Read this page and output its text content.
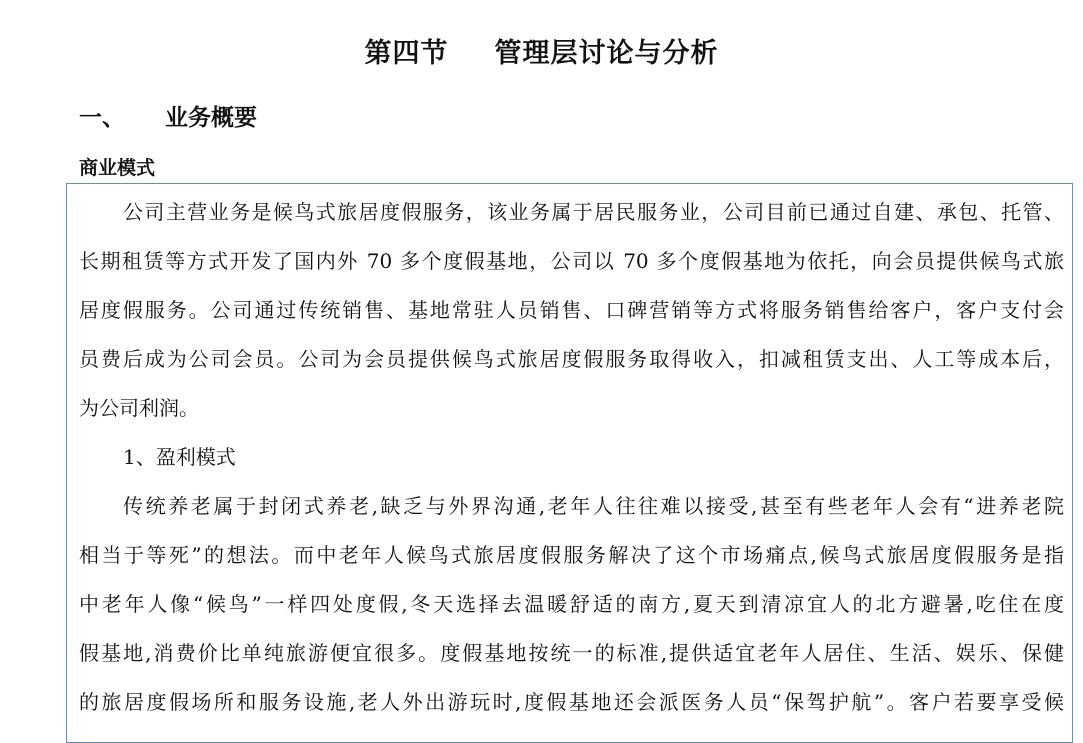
第四节 管理层讨论与分析
一、 业务概要
商业模式
公司主营业务是候鸟式旅居度假服务，该业务属于居民服务业，公司目前已通过自建、承包、托管、
长期租赁等方式开发了国内外 70 多个度假基地，公司以 70 多个度假基地为依托，向会员提供候鸟式旅
居度假服务。公司通过传统销售、基地常驻人员销售、口碑营销等方式将服务销售给客户，客户支付会
员费后成为公司会员。公司为会员提供候鸟式旅居度假服务取得收入，扣减租赁支出、人工等成本后，
为公司利润。
1、盈利模式
传统养老属于封闭式养老,缺乏与外界沟通,老年人往往难以接受,甚至有些老年人会有“进养老院
相当于等死”的想法。而中老年人候鸟式旅居度假服务解决了这个市场痛点,候鸟式旅居度假服务是指
中老年人像“候鸟”一样四处度假,冬天选择去温暖舒适的南方,夏天到清凉宜人的北方避暑,吃住在度
假基地,消费价比单纯旅游便宜很多。度假基地按统一的标准,提供适宜老年人居住、生活、娱乐、保健
的旅居度假场所和服务设施,老人外出游玩时,度假基地还会派医务人员“保驾护航”。客户若要享受候
